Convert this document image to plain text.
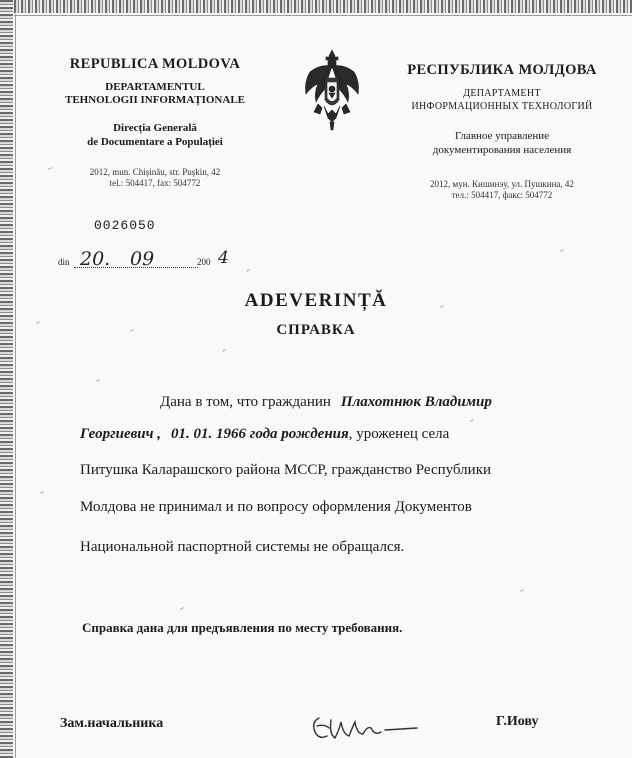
REPUBLICA MOLDOVA
DEPARTAMENTUL
TEHNOLOGII INFORMAȚIONALE
Direcția Generală
de Documentare a Populației
2012, mun. Chișinău, str. Pușkin, 42
tel.: 504417, fax: 504772
РЕСПУБЛИКА МОЛДОВА
ДЕПАРТАМЕНТ
ИНФОРМАЦИОННЫХ ТЕХНОЛОГИЙ
Главное управление
документирования населения
2012, мун. Кишинэу, ул. Пушкина, 42
тел.: 504417, факс: 504772
0026050
din 20. 09	200 4
ADEVERINȚĂ
СПРАВКА
Дана в том, что гражданин Плахотнюк Владимир
Георгиевич , 01. 01. 1966 года рождения, уроженец села
Питушка Каларашского района МССР, гражданство Республики
Молдова не принимал и по вопросу оформления Документов
Национальной паспортной системы не обращался.
Справка дана для предъявления по месту требования.
Зам.начальника	Г.Иову
